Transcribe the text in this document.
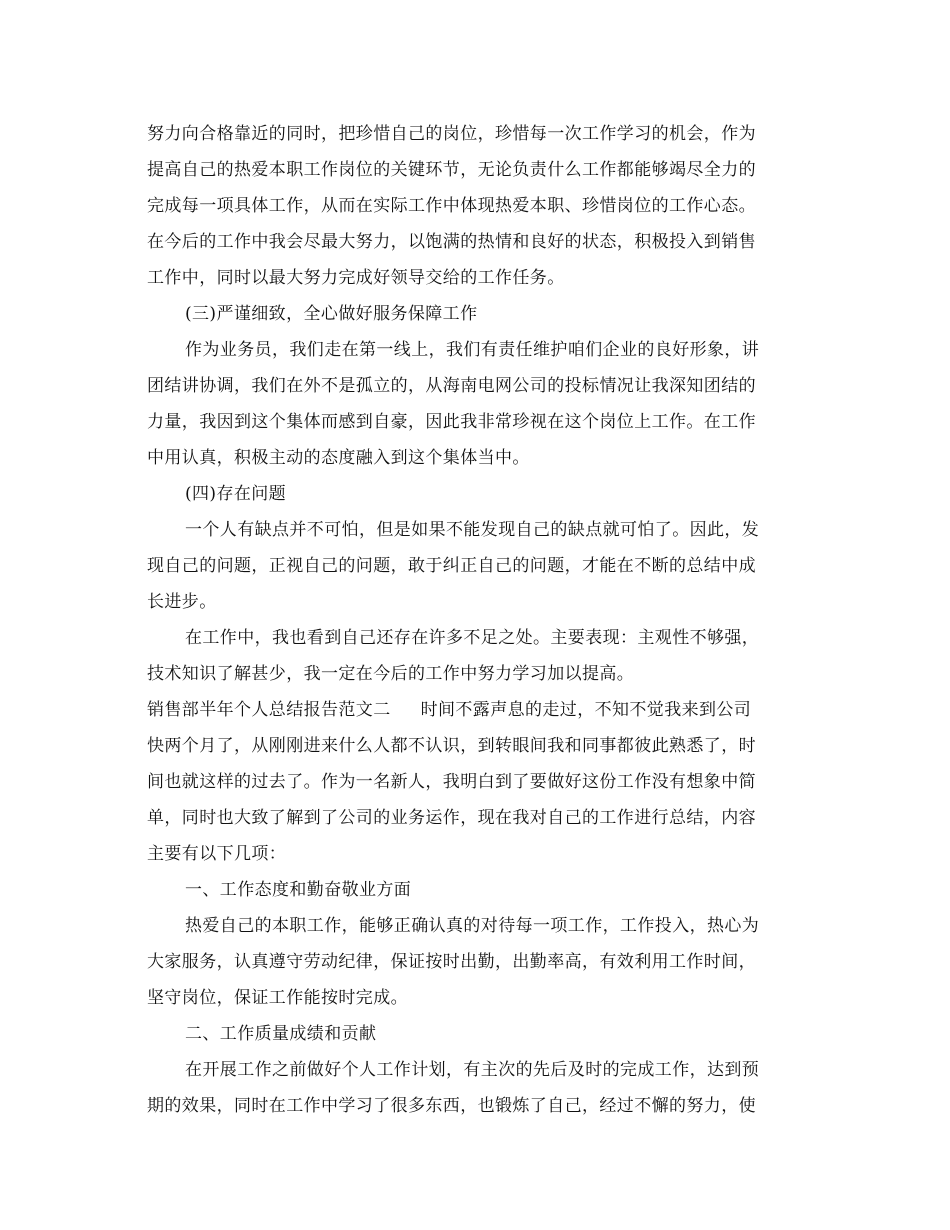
努力向合格靠近的同时，把珍惜自己的岗位，珍惜每一次工作学习的机会，作为
提高自己的热爱本职工作岗位的关键环节，无论负责什么工作都能够竭尽全力的
完成每一项具体工作，从而在实际工作中体现热爱本职、珍惜岗位的工作心态。
在今后的工作中我会尽最大努力，以饱满的热情和良好的状态，积极投入到销售
工作中，同时以最大努力完成好领导交给的工作任务。
(三)严谨细致，全心做好服务保障工作
作为业务员，我们走在第一线上，我们有责任维护咱们企业的良好形象，讲
团结讲协调，我们在外不是孤立的，从海南电网公司的投标情况让我深知团结的
力量，我因到这个集体而感到自豪，因此我非常珍视在这个岗位上工作。在工作
中用认真，积极主动的态度融入到这个集体当中。
(四)存在问题
一个人有缺点并不可怕，但是如果不能发现自己的缺点就可怕了。因此，发
现自己的问题，正视自己的问题，敢于纠正自己的问题，才能在不断的总结中成
长进步。
在工作中，我也看到自己还存在许多不足之处。主要表现：主观性不够强，
技术知识了解甚少，我一定在今后的工作中努力学习加以提高。
销售部半年个人总结报告范文二 时间不露声息的走过，不知不觉我来到公司
快两个月了，从刚刚进来什么人都不认识，到转眼间我和同事都彼此熟悉了，时
间也就这样的过去了。作为一名新人，我明白到了要做好这份工作没有想象中简
单，同时也大致了解到了公司的业务运作，现在我对自己的工作进行总结，内容
主要有以下几项：
一、工作态度和勤奋敬业方面
热爱自己的本职工作，能够正确认真的对待每一项工作，工作投入，热心为
大家服务，认真遵守劳动纪律，保证按时出勤，出勤率高，有效利用工作时间，
坚守岗位，保证工作能按时完成。
二、工作质量成绩和贡献
在开展工作之前做好个人工作计划，有主次的先后及时的完成工作，达到预
期的效果，同时在工作中学习了很多东西，也锻炼了自己，经过不懈的努力，使
